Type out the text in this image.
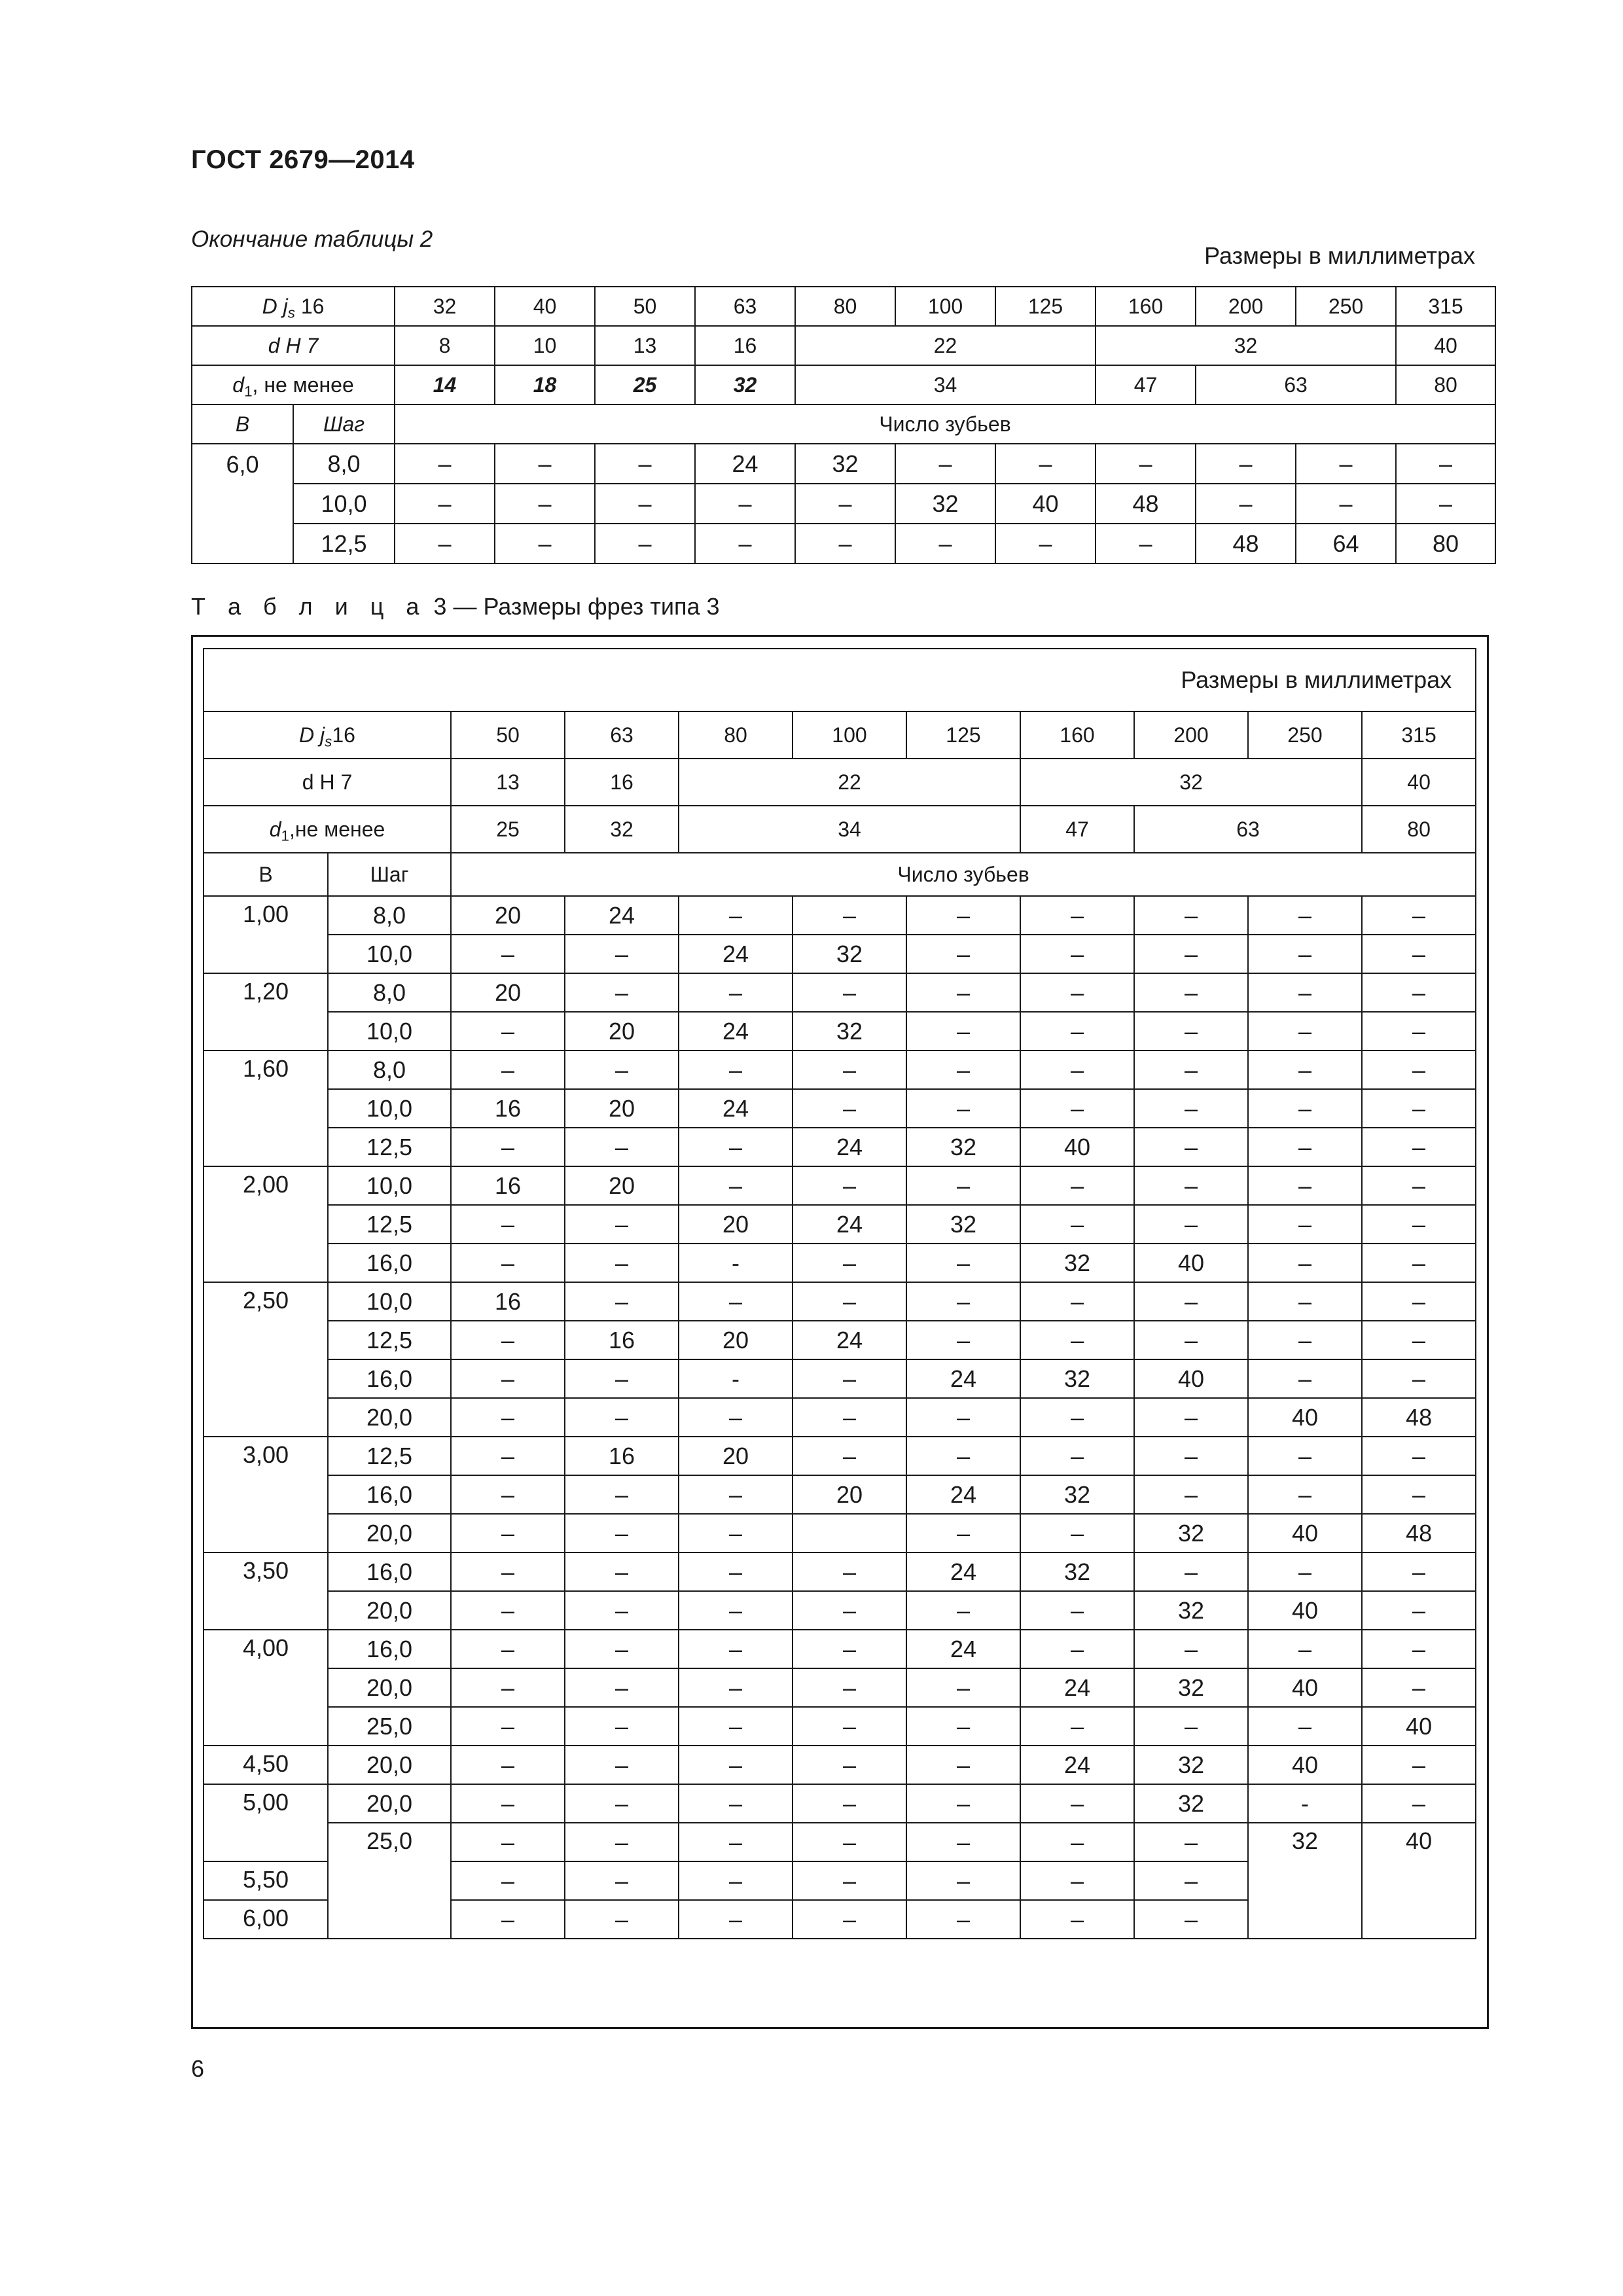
ГОСТ 2679—2014
Окончание таблицы 2
Размеры в миллиметрах
D $j_s$ 16		32	40	50	63	80	100	125	160	200	250	315
d H 7		8	10	13	16	22			32			40
$d_1$, не менее		14	18	25	32	34			47	63		80
В	Шаг	Число зубьев										
6,0	8,0	–	–	–	24	32	–	–	–	–	–	–
	10,0	–	–	–	–	–	32	40	48	–	–	–
	12,5	–	–	–	–	–	–	–	–	48	64	80
Т а б л и ц а 3 — Размеры фрез типа 3
Размеры в миллиметрах										
D $j_s16$		50	63	80	100	125	160	200	250	315
d H 7		13	16	22			32			40
$d_1,не$ менее		25	32	34			47	63		80
В	Шаг	Число зубьев								
1,00	8,0	20	24	–	–	–	–	–	–	–
	10,0	–	–	24	32	–	–	–	–	–
1,20	8,0	20	–	–	–	–	–	–	–	–
	10,0	–	20	24	32	–	–	–	–	–
1,60	8,0	–	–	–	–	–	–	–	–	–
	10,0	16	20	24	–	–	–	–	–	–
	12,5	–	–	–	24	32	40	–	–	–
2,00	10,0	16	20	–	–	–	–	–	–	–
	12,5	–	–	20	24	32	–	–	–	–
	16,0	–	–	-	–	–	32	40	–	–
2,50	10,0	16	–	–	–	–	–	–	–	–
	12,5	–	16	20	24	–	–	–	–	–
	16,0	–	–	-	–	24	32	40	–	–
	20,0	–	–	–	–	–	–	–	40	48
3,00	12,5	–	16	20	–	–	–	–	–	–
	16,0	–	–	–	20	24	32	–	–	–
	20,0	–	–	–		–	–	32	40	48
3,50	16,0	–	–	–	–	24	32	–	–	–
	20,0	–	–	–	–	–	–	32	40	–
4,00	16,0	–	–	–	–	24	–	–	–	–
	20,0	–	–	–	–	–	24	32	40	–
	25,0	–	–	–	–	–	–	–	–	40
4,50	20,0	–	–	–	–	–	24	32	40	–
5,00	20,0	–	–	–	–	–	–	32	-	–
	25,0	–	–	–	–	–	–	–	32	40
5,50		–	–	–	–	–	–	–		
6,00		–	–	–	–	–	–	–		
6
